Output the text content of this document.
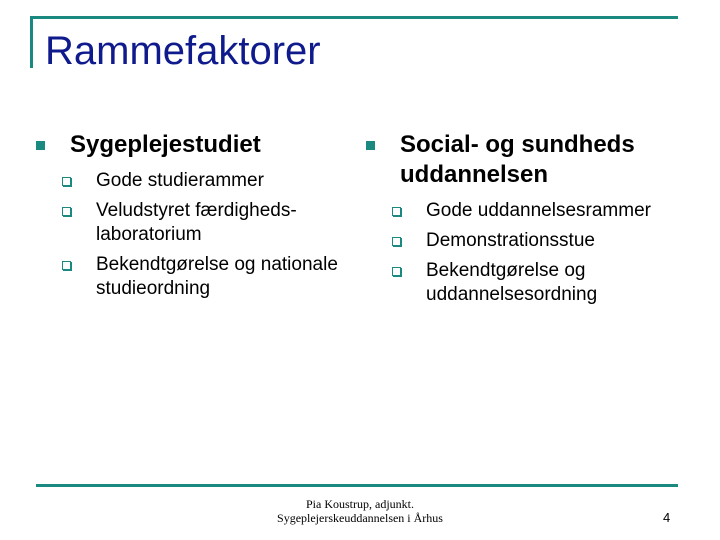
Rammefaktorer
Sygeplejestudiet
Gode studierammer
Veludstyret færdigheds-laboratorium
Bekendtgørelse og nationale studieordning
Social- og sundheds uddannelsen
Gode uddannelsesrammer
Demonstrationsstue
Bekendtgørelse og uddannelsesordning
Pia Koustrup, adjunkt.
Sygeplejerskeuddannelsen i Århus	4
